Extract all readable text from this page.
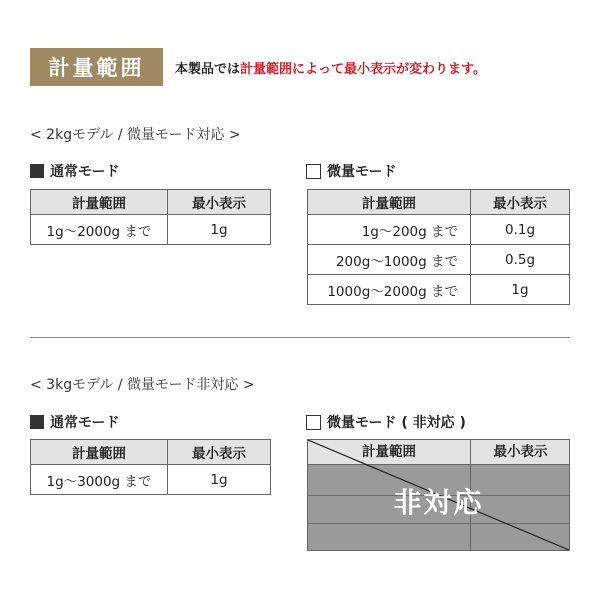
計量範囲	本製品では計量範囲によって最小表示が変わります。
< 2kgモデル / 微量モード対応 >
通常モード
計量範囲	最小表示
1g〜2000g まで	1g
微量モード
計量範囲	最小表示
1g〜200g まで	0.1g
200g〜1000g まで	0.5g
1000g〜2000g まで	1g
< 3kgモデル / 微量モード非対応 >
通常モード
計量範囲	最小表示
1g〜3000g まで	1g
微量モード ( 非対応 )
計量範囲	最小表示
非対応
